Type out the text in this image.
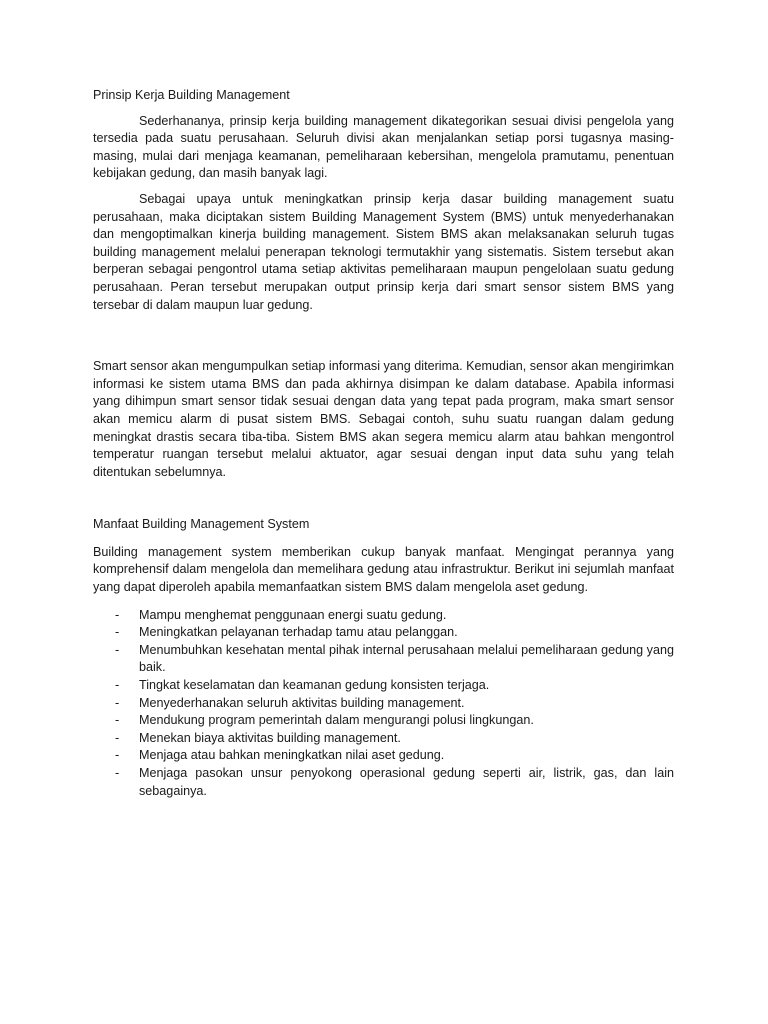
Prinsip Kerja Building Management

Sederhananya, prinsip kerja building management dikategorikan sesuai divisi pengelola yang tersedia pada suatu perusahaan. Seluruh divisi akan menjalankan setiap porsi tugasnya masing-masing, mulai dari menjaga keamanan, pemeliharaan kebersihan, mengelola pramutamu, penentuan kebijakan gedung, dan masih banyak lagi.

Sebagai upaya untuk meningkatkan prinsip kerja dasar building management suatu perusahaan, maka diciptakan sistem Building Management System (BMS) untuk menyederhanakan dan mengoptimalkan kinerja building management. Sistem BMS akan melaksanakan seluruh tugas building management melalui penerapan teknologi termutakhir yang sistematis. Sistem tersebut akan berperan sebagai pengontrol utama setiap aktivitas pemeliharaan maupun pengelolaan suatu gedung perusahaan. Peran tersebut merupakan output prinsip kerja dari smart sensor sistem BMS yang tersebar di dalam maupun luar gedung.

Smart sensor akan mengumpulkan setiap informasi yang diterima. Kemudian, sensor akan mengirimkan informasi ke sistem utama BMS dan pada akhirnya disimpan ke dalam database. Apabila informasi yang dihimpun smart sensor tidak sesuai dengan data yang tepat pada program, maka smart sensor akan memicu alarm di pusat sistem BMS. Sebagai contoh, suhu suatu ruangan dalam gedung meningkat drastis secara tiba-tiba. Sistem BMS akan segera memicu alarm atau bahkan mengontrol temperatur ruangan tersebut melalui aktuator, agar sesuai dengan input data suhu yang telah ditentukan sebelumnya.

Manfaat Building Management System

Building management system memberikan cukup banyak manfaat. Mengingat perannya yang komprehensif dalam mengelola dan memelihara gedung atau infrastruktur. Berikut ini sejumlah manfaat yang dapat diperoleh apabila memanfaatkan sistem BMS dalam mengelola aset gedung.

- Mampu menghemat penggunaan energi suatu gedung.
- Meningkatkan pelayanan terhadap tamu atau pelanggan.
- Menumbuhkan kesehatan mental pihak internal perusahaan melalui pemeliharaan gedung yang baik.
- Tingkat keselamatan dan keamanan gedung konsisten terjaga.
- Menyederhanakan seluruh aktivitas building management.
- Mendukung program pemerintah dalam mengurangi polusi lingkungan.
- Menekan biaya aktivitas building management.
- Menjaga atau bahkan meningkatkan nilai aset gedung.
- Menjaga pasokan unsur penyokong operasional gedung seperti air, listrik, gas, dan lain sebagainya.
